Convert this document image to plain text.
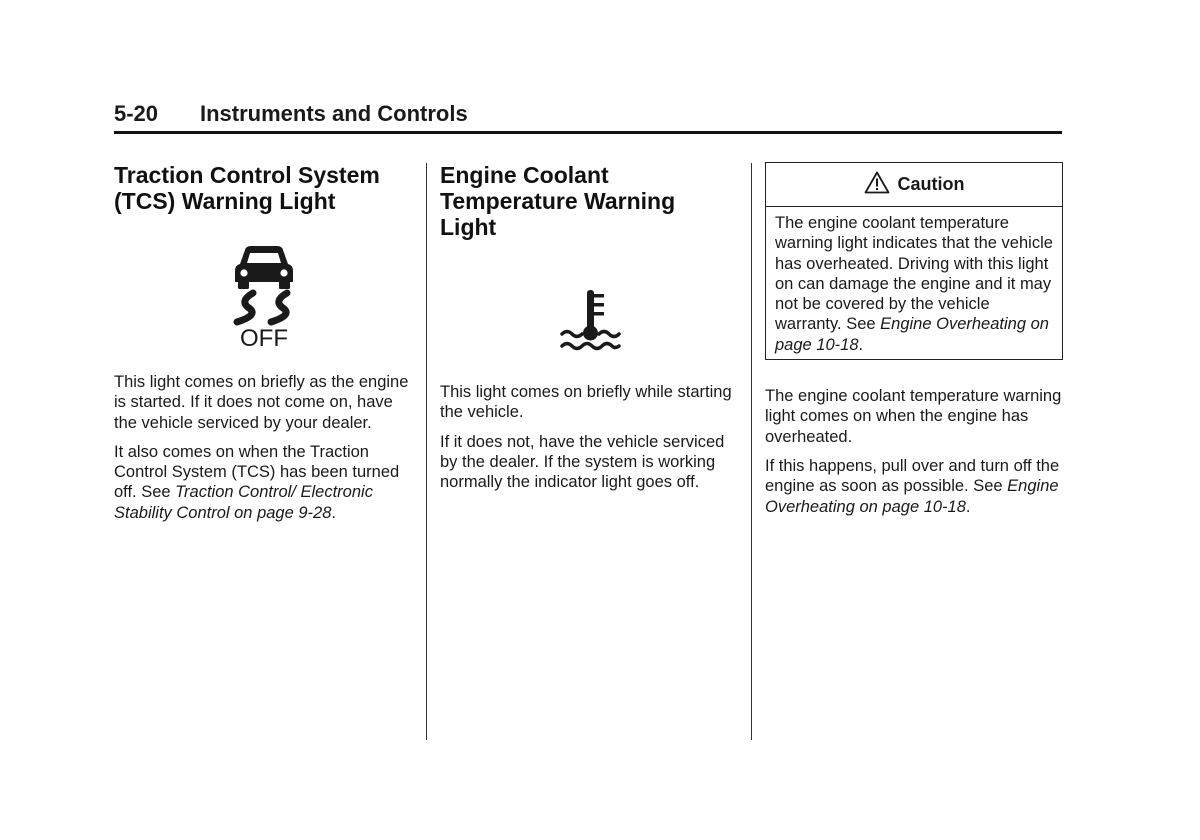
5-20 Instruments and Controls
Traction Control System
(TCS) Warning Light
OFF

This light comes on briefly as the engine is started. If it does not come on, have the vehicle serviced by your dealer.

It also comes on when the Traction Control System (TCS) has been turned off. See Traction Control/ Electronic Stability Control on page 9-28.

Engine Coolant
Temperature Warning
Light

This light comes on briefly while starting the vehicle.

If it does not, have the vehicle serviced by the dealer. If the system is working normally the indicator light goes off.

Caution

The engine coolant temperature warning light indicates that the vehicle has overheated. Driving with this light on can damage the engine and it may not be covered by the vehicle warranty. See Engine Overheating on page 10-18.

The engine coolant temperature warning light comes on when the engine has overheated.

If this happens, pull over and turn off the engine as soon as possible. See Engine Overheating on page 10-18.
